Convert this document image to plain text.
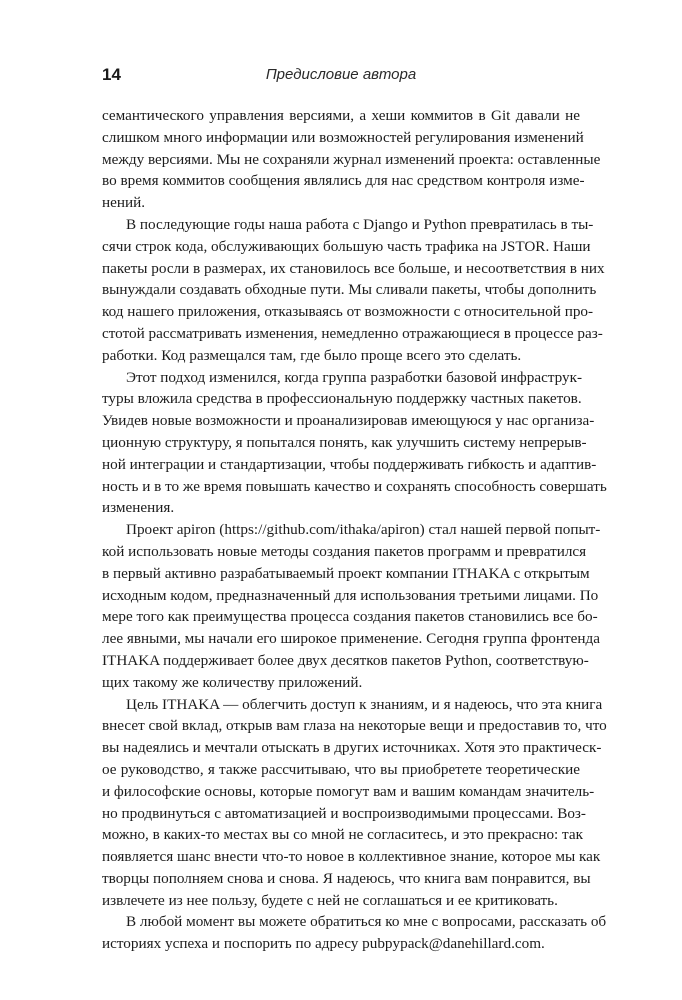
14	Предисловие автора
семантического управления версиями, а хеши коммитов в Git давали не
слишком много информации или возможностей регулирования изменений
между версиями. Мы не сохраняли журнал изменений проекта: оставленные
во время коммитов сообщения являлись для нас средством контроля изме-
нений.
В последующие годы наша работа с Django и Python превратилась в ты-
сячи строк кода, обслуживающих большую часть трафика на JSTOR. Наши
пакеты росли в размерах, их становилось все больше, и несоответствия в них
вынуждали создавать обходные пути. Мы сливали пакеты, чтобы дополнить
код нашего приложения, отказываясь от возможности с относительной про-
стотой рассматривать изменения, немедленно отражающиеся в процессе раз-
работки. Код размещался там, где было проще всего это сделать.
Этот подход изменился, когда группа разработки базовой инфраструк-
туры вложила средства в профессиональную поддержку частных пакетов.
Увидев новые возможности и проанализировав имеющуюся у нас организа-
ционную структуру, я попытался понять, как улучшить систему непрерыв-
ной интеграции и стандартизации, чтобы поддерживать гибкость и адаптив-
ность и в то же время повышать качество и сохранять способность совершать
изменения.
Проект apiron (https://github.com/ithaka/apiron) стал нашей первой попыт-
кой использовать новые методы создания пакетов программ и превратился
в первый активно разрабатываемый проект компании ITHAKA с открытым
исходным кодом, предназначенный для использования третьими лицами. По
мере того как преимущества процесса создания пакетов становились все бо-
лее явными, мы начали его широкое применение. Сегодня группа фронтенда
ITHAKA поддерживает более двух десятков пакетов Python, соответствую-
щих такому же количеству приложений.
Цель ITHAKA — облегчить доступ к знаниям, и я надеюсь, что эта книга
внесет свой вклад, открыв вам глаза на некоторые вещи и предоставив то, что
вы надеялись и мечтали отыскать в других источниках. Хотя это практическ-
ое руководство, я также рассчитываю, что вы приобретете теоретические
и философские основы, которые помогут вам и вашим командам значитель-
но продвинуться с автоматизацией и воспроизводимыми процессами. Воз-
можно, в каких-то местах вы со мной не согласитесь, и это прекрасно: так
появляется шанс внести что-то новое в коллективное знание, которое мы как
творцы пополняем снова и снова. Я надеюсь, что книга вам понравится, вы
извлечете из нее пользу, будете с ней не соглашаться и ее критиковать.
В любой момент вы можете обратиться ко мне с вопросами, рассказать об
историях успеха и поспорить по адресу pubpypack@danehillard.com.
